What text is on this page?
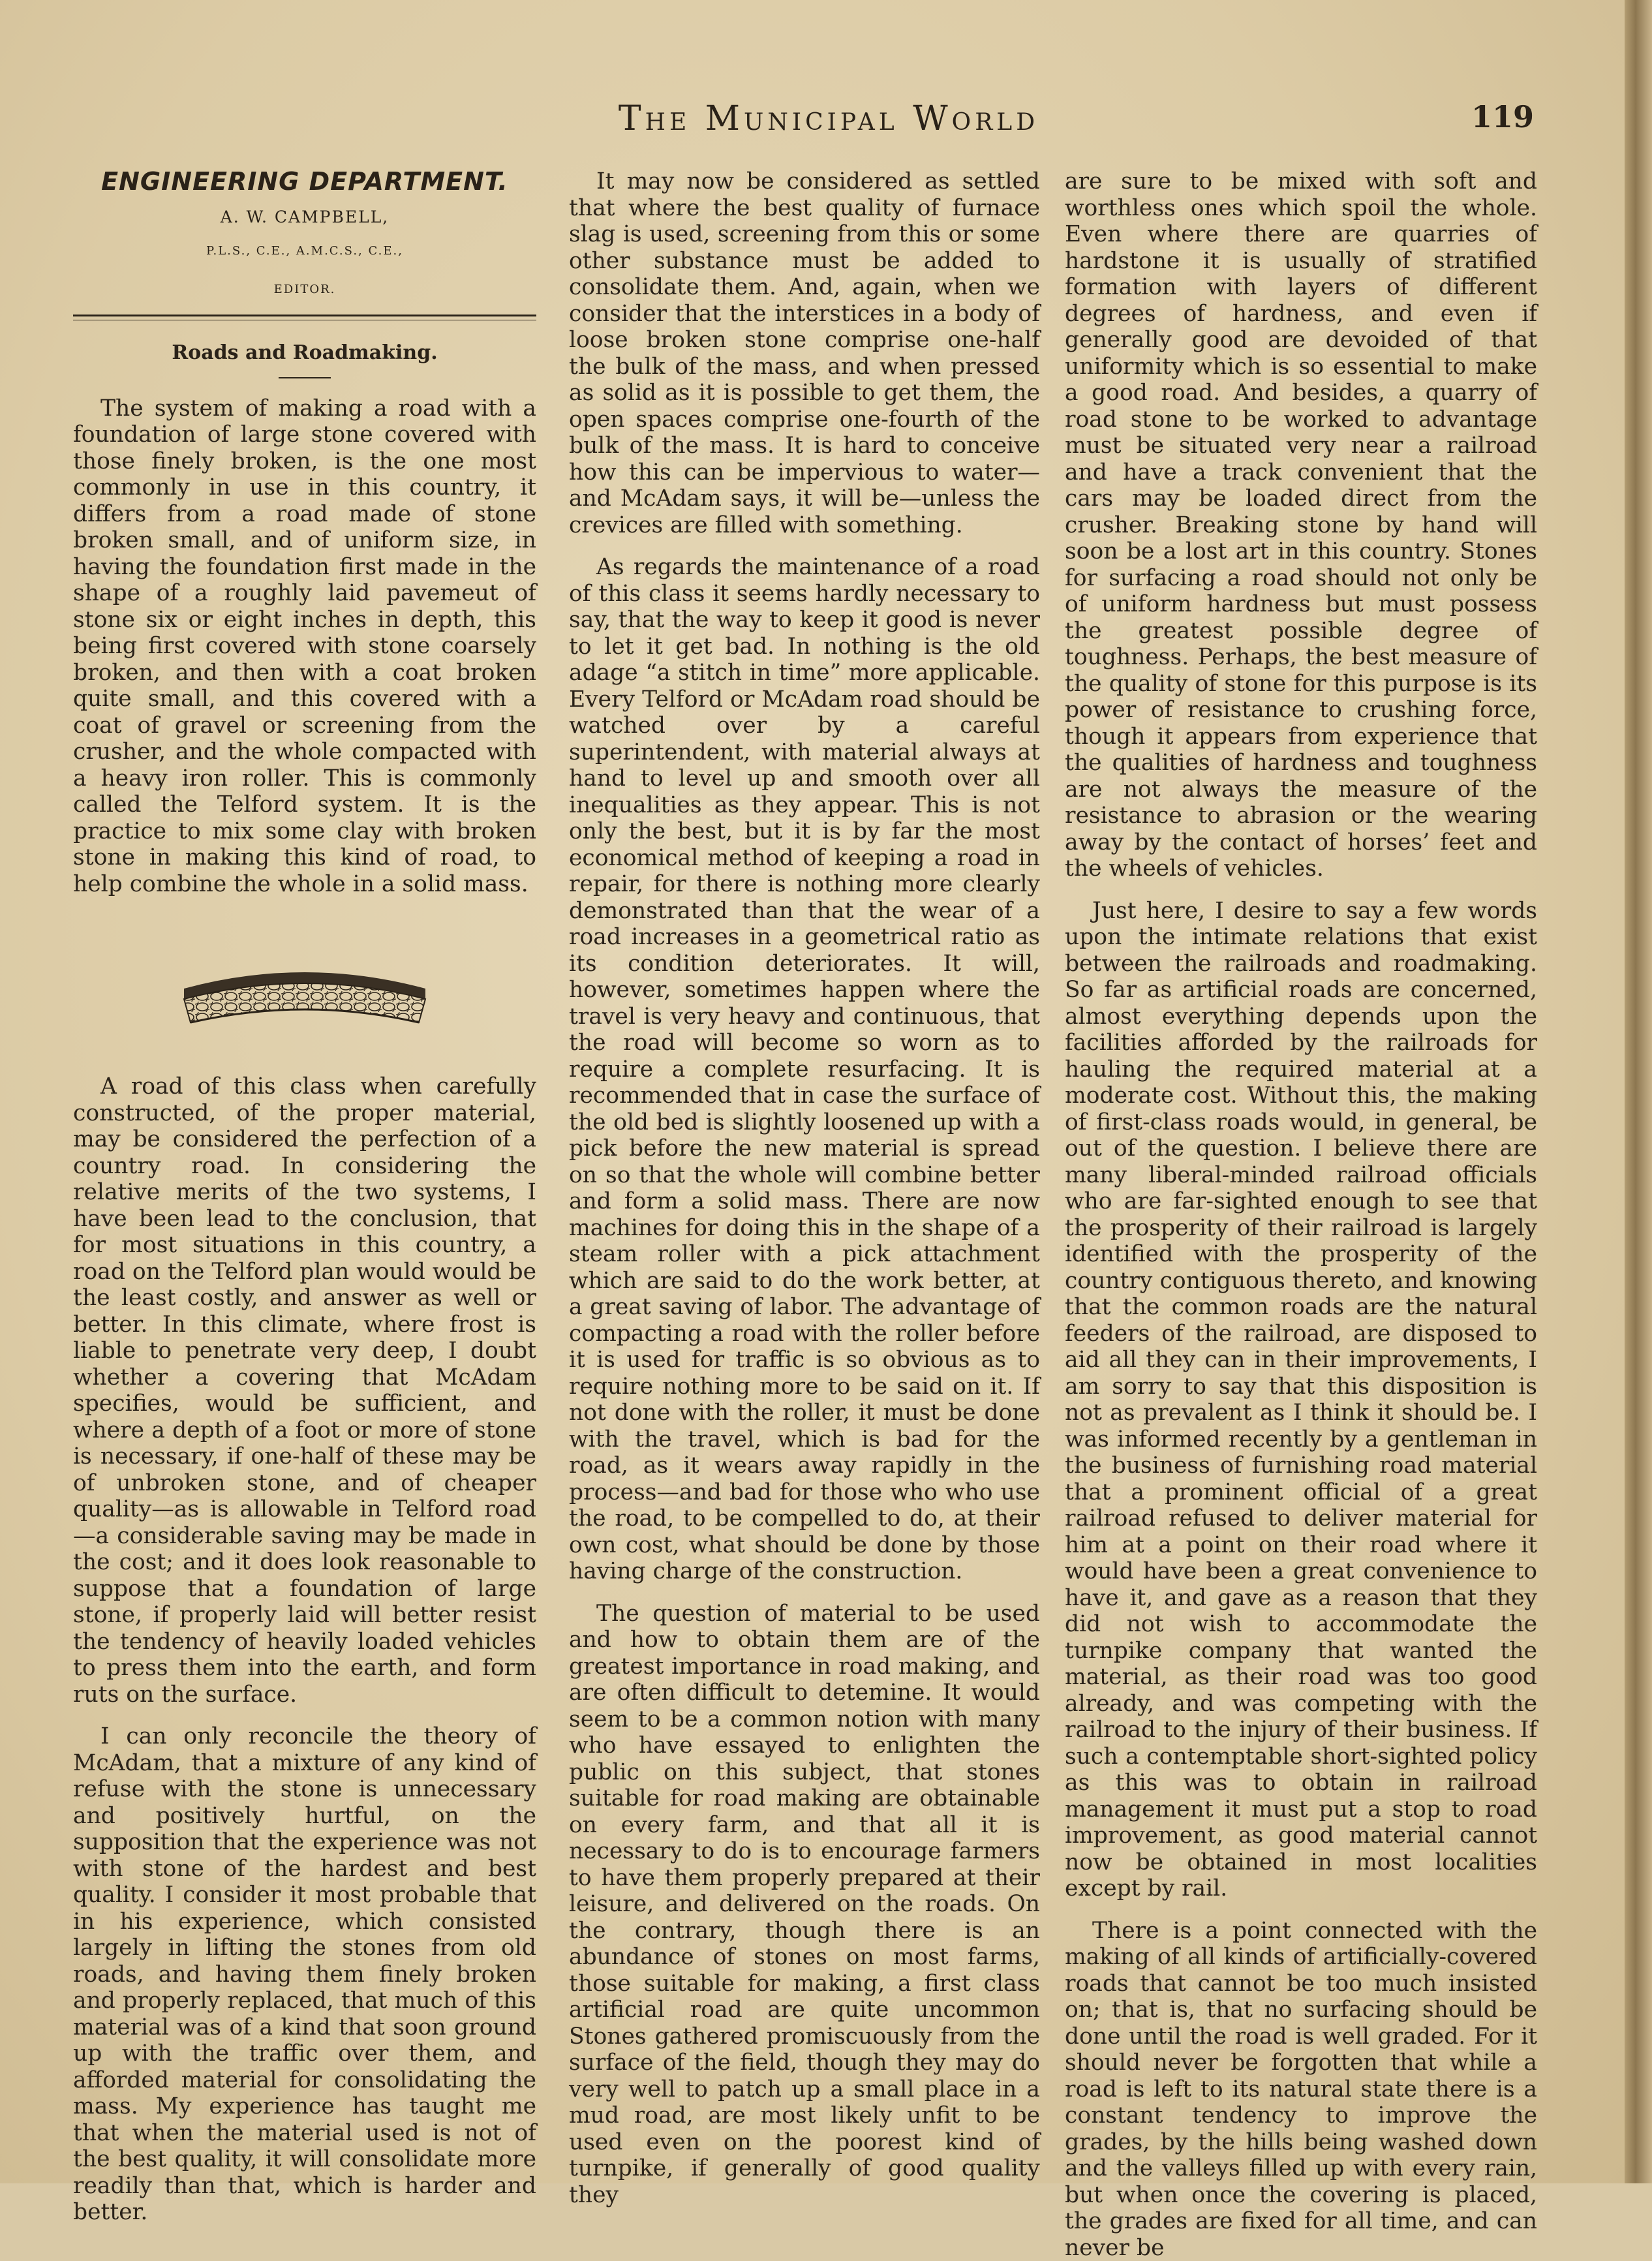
The Municipal World	119
ENGINEERING DEPARTMENT.
A. W. CAMPBELL,
P.L.S., C.E., A.M.C.S., C.E.,
EDITOR.
Roads and Roadmaking.

The system of making a road with a foundation of large stone covered with those finely broken, is the one most commonly in use in this country, it differs from a road made of stone broken small, and of uniform size, in having the foundation first made in the shape of a roughly laid pavemeut of stone six or eight inches in depth, this being first covered with stone coarsely broken, and then with a coat broken quite small, and this covered with a coat of gravel or screening from the crusher, and the whole compacted with a heavy iron roller. This is commonly called the Telford system. It is the practice to mix some clay with broken stone in making this kind of road, to help combine the whole in a solid mass.

A road of this class when carefully constructed, of the proper material, may be considered the perfection of a country road. In considering the relative merits of the two systems, I have been lead to the conclusion, that for most situations in this country, a road on the Telford plan would would be the least costly, and answer as well or better. In this climate, where frost is liable to penetrate very deep, I doubt whether a covering that McAdam specifies, would be sufficient, and where a depth of a foot or more of stone is necessary, if one-half of these may be of unbroken stone, and of cheaper quality—as is allowable in Telford road—a considerable saving may be made in the cost; and it does look reasonable to suppose that a foundation of large stone, if properly laid will better resist the tendency of heavily loaded vehicles to press them into the earth, and form ruts on the surface.

I can only reconcile the theory of McAdam, that a mixture of any kind of refuse with the stone is unnecessary and positively hurtful, on the supposition that the experience was not with stone of the hardest and best quality. I consider it most probable that in his experience, which consisted largely in lifting the stones from old roads, and having them finely broken and properly replaced, that much of this material was of a kind that soon ground up with the traffic over them, and afforded material for consolidating the mass. My experience has taught me that when the material used is not of the best quality, it will consolidate more readily than that, which is harder and better.

It may now be considered as settled that where the best quality of furnace slag is used, screening from this or some other substance must be added to consolidate them. And, again, when we consider that the interstices in a body of loose broken stone comprise one-half the bulk of the mass, and when pressed as solid as it is possible to get them, the open spaces comprise one-fourth of the bulk of the mass. It is hard to conceive how this can be impervious to water—and McAdam says, it will be—unless the crevices are filled with something.

As regards the maintenance of a road of this class it seems hardly necessary to say, that the way to keep it good is never to let it get bad. In nothing is the old adage “a stitch in time” more applicable. Every Telford or McAdam road should be watched over by a careful superintendent, with material always at hand to level up and smooth over all inequalities as they appear. This is not only the best, but it is by far the most economical method of keeping a road in repair, for there is nothing more clearly demonstrated than that the wear of a road increases in a geometrical ratio as its condition deteriorates. It will, however, sometimes happen where the travel is very heavy and continuous, that the road will become so worn as to require a complete resurfacing. It is recommended that in case the surface of the old bed is slightly loosened up with a pick before the new material is spread on so that the whole will combine better and form a solid mass. There are now machines for doing this in the shape of a steam roller with a pick attachment which are said to do the work better, at a great saving of labor. The advantage of compacting a road with the roller before it is used for traffic is so obvious as to require nothing more to be said on it. If not done with the roller, it must be done with the travel, which is bad for the road, as it wears away rapidly in the process—and bad for those who who use the road, to be compelled to do, at their own cost, what should be done by those having charge of the construction.

The question of material to be used and how to obtain them are of the greatest importance in road making, and are often difficult to detemine. It would seem to be a common notion with many who have essayed to enlighten the public on this subject, that stones suitable for road making are obtainable on every farm, and that all it is necessary to do is to encourage farmers to have them properly prepared at their leisure, and delivered on the roads. On the contrary, though there is an abundance of stones on most farms, those suitable for making, a first class artificial road are quite uncommon Stones gathered promiscuously from the surface of the field, though they may do very well to patch up a small place in a mud road, are most likely unfit to be used even on the poorest kind of turnpike, if generally of good quality they

are sure to be mixed with soft and worthless ones which spoil the whole. Even where there are quarries of hardstone it is usually of stratified formation with layers of different degrees of hardness, and even if generally good are devoided of that uniformity which is so essential to make a good road. And besides, a quarry of road stone to be worked to advantage must be situated very near a railroad and have a track convenient that the cars may be loaded direct from the crusher. Breaking stone by hand will soon be a lost art in this country. Stones for surfacing a road should not only be of uniform hardness but must possess the greatest possible degree of toughness. Perhaps, the best measure of the quality of stone for this purpose is its power of resistance to crushing force, though it appears from experience that the qualities of hardness and toughness are not always the measure of the resistance to abrasion or the wearing away by the contact of horses’ feet and the wheels of vehicles.

Just here, I desire to say a few words upon the intimate relations that exist between the railroads and roadmaking. So far as artificial roads are concerned, almost everything depends upon the facilities afforded by the railroads for hauling the required material at a moderate cost. Without this, the making of first-class roads would, in general, be out of the question. I believe there are many liberal-minded railroad officials who are far-sighted enough to see that the prosperity of their railroad is largely identified with the prosperity of the country contiguous thereto, and knowing that the common roads are the natural feeders of the railroad, are disposed to aid all they can in their improvements, I am sorry to say that this disposition is not as prevalent as I think it should be. I was informed recently by a gentleman in the business of furnishing road material that a prominent official of a great railroad refused to deliver material for him at a point on their road where it would have been a great convenience to have it, and gave as a reason that they did not wish to accommodate the turnpike company that wanted the material, as their road was too good already, and was competing with the railroad to the injury of their business. If such a contemptable short-sighted policy as this was to obtain in railroad management it must put a stop to road improvement, as good material cannot now be obtained in most localities except by rail.

There is a point connected with the making of all kinds of artificially-covered roads that cannot be too much insisted on; that is, that no surfacing should be done until the road is well graded. For it should never be forgotten that while a road is left to its natural state there is a constant tendency to improve the grades, by the hills being washed down and the valleys filled up with every rain, but when once the covering is placed, the grades are fixed for all time, and can never be
